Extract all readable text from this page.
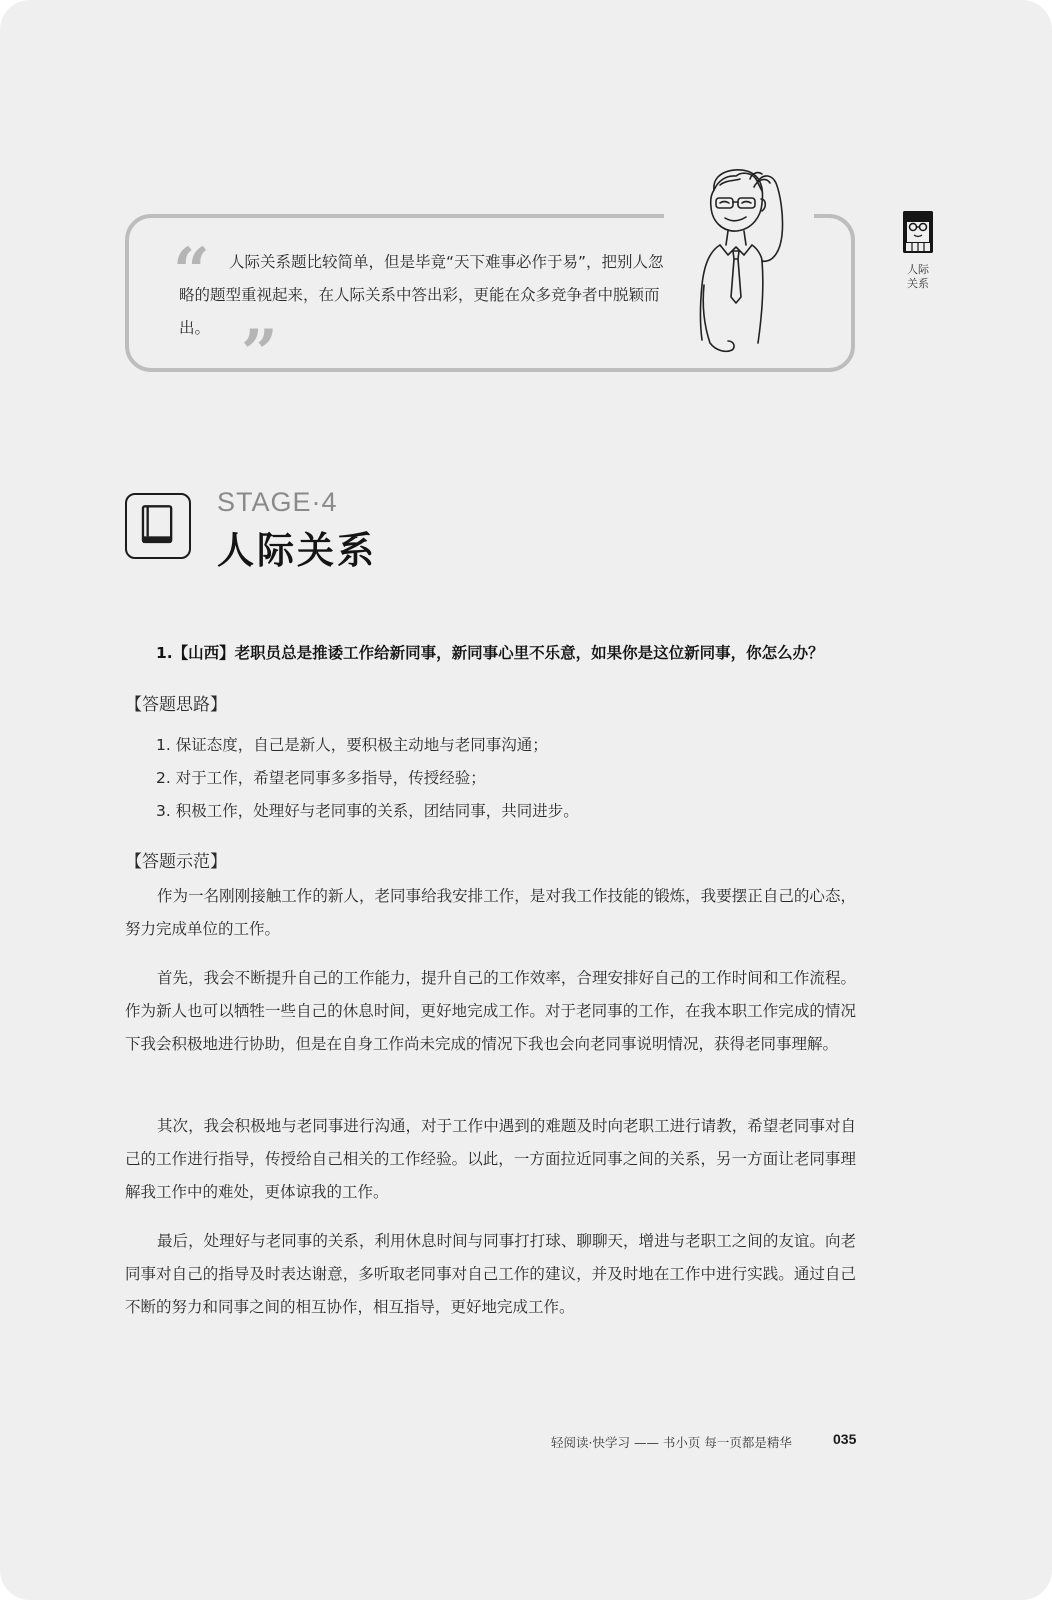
“	人际关系题比较简单，但是毕竟“天下难事必作于易”，把别人忽略的题型重视起来，在人际关系中答出彩，更能在众多竞争者中脱颖而出。 ”
人际关系
STAGE·4
人际关系
1.【山西】老职员总是推诿工作给新同事，新同事心里不乐意，如果你是这位新同事，你怎么办？
【答题思路】
1. 保证态度，自己是新人，要积极主动地与老同事沟通；
2. 对于工作，希望老同事多多指导，传授经验；
3. 积极工作，处理好与老同事的关系，团结同事，共同进步。
【答题示范】

作为一名刚刚接触工作的新人，老同事给我安排工作，是对我工作技能的锻炼，我要摆正自己的心态，努力完成单位的工作。

首先，我会不断提升自己的工作能力，提升自己的工作效率，合理安排好自己的工作时间和工作流程。作为新人也可以牺牲一些自己的休息时间，更好地完成工作。对于老同事的工作，在我本职工作完成的情况下我会积极地进行协助，但是在自身工作尚未完成的情况下我也会向老同事说明情况，获得老同事理解。

其次，我会积极地与老同事进行沟通，对于工作中遇到的难题及时向老职工进行请教，希望老同事对自己的工作进行指导，传授给自己相关的工作经验。以此，一方面拉近同事之间的关系，另一方面让老同事理解我工作中的难处，更体谅我的工作。

最后，处理好与老同事的关系，利用休息时间与同事打打球、聊聊天，增进与老职工之间的友谊。向老同事对自己的指导及时表达谢意，多听取老同事对自己工作的建议，并及时地在工作中进行实践。通过自己不断的努力和同事之间的相互协作，相互指导，更好地完成工作。

轻阅读·快学习 —— 书小页 每一页都是精华	035
